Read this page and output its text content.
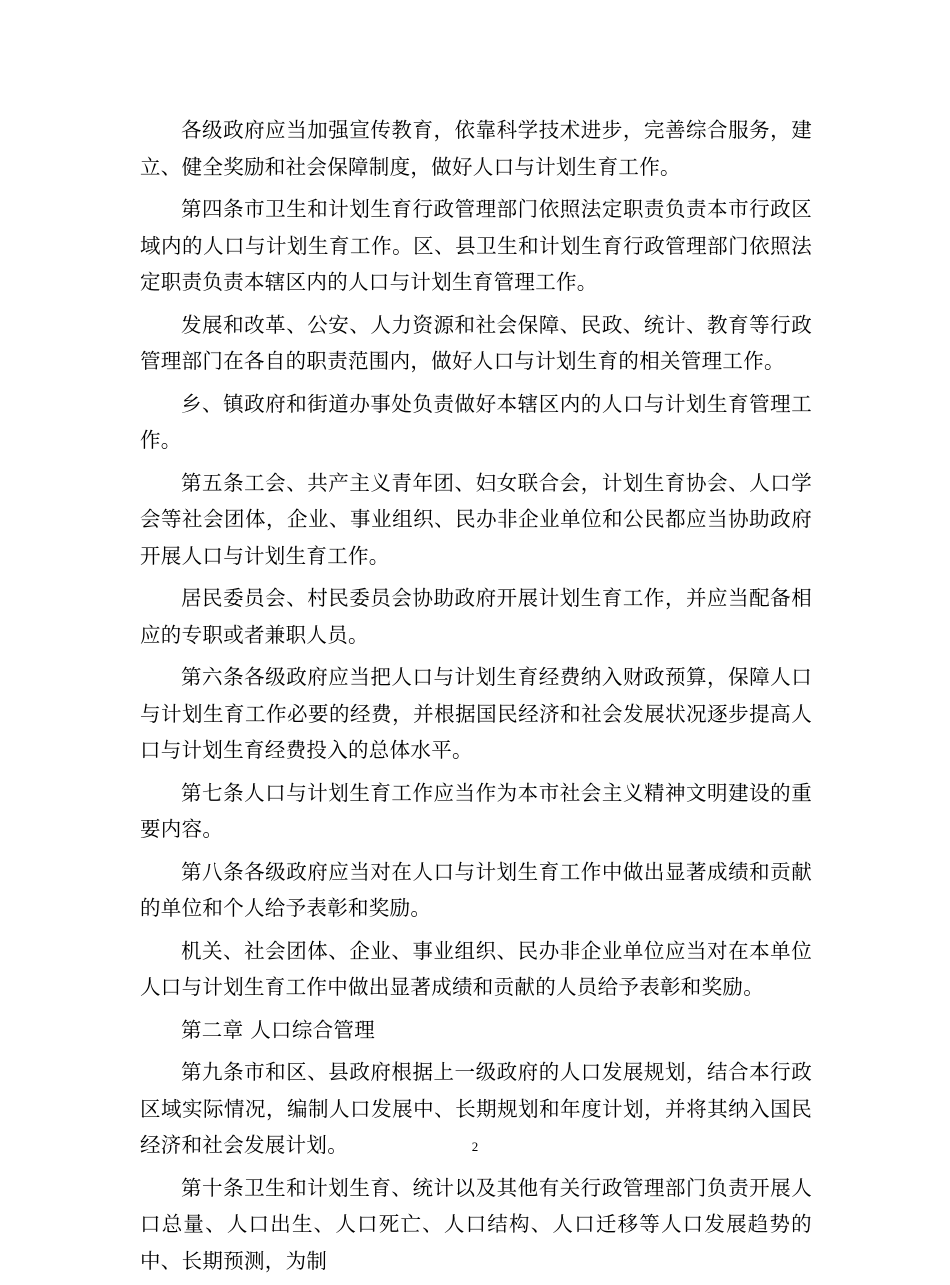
各级政府应当加强宣传教育，依靠科学技术进步，完善综合服务，建立、健全奖励和社会保障制度，做好人口与计划生育工作。

第四条市卫生和计划生育行政管理部门依照法定职责负责本市行政区域内的人口与计划生育工作。区、县卫生和计划生育行政管理部门依照法定职责负责本辖区内的人口与计划生育管理工作。

发展和改革、公安、人力资源和社会保障、民政、统计、教育等行政管理部门在各自的职责范围内，做好人口与计划生育的相关管理工作。

乡、镇政府和街道办事处负责做好本辖区内的人口与计划生育管理工作。

第五条工会、共产主义青年团、妇女联合会，计划生育协会、人口学会等社会团体，企业、事业组织、民办非企业单位和公民都应当协助政府开展人口与计划生育工作。

居民委员会、村民委员会协助政府开展计划生育工作，并应当配备相应的专职或者兼职人员。

第六条各级政府应当把人口与计划生育经费纳入财政预算，保障人口与计划生育工作必要的经费，并根据国民经济和社会发展状况逐步提高人口与计划生育经费投入的总体水平。

第七条人口与计划生育工作应当作为本市社会主义精神文明建设的重要内容。

第八条各级政府应当对在人口与计划生育工作中做出显著成绩和贡献的单位和个人给予表彰和奖励。

机关、社会团体、企业、事业组织、民办非企业单位应当对在本单位人口与计划生育工作中做出显著成绩和贡献的人员给予表彰和奖励。

第二章 人口综合管理

第九条市和区、县政府根据上一级政府的人口发展规划，结合本行政区域实际情况，编制人口发展中、长期规划和年度计划，并将其纳入国民经济和社会发展计划。

第十条卫生和计划生育、统计以及其他有关行政管理部门负责开展人口总量、人口出生、人口死亡、人口结构、人口迁移等人口发展趋势的中、长期预测，为制

2
